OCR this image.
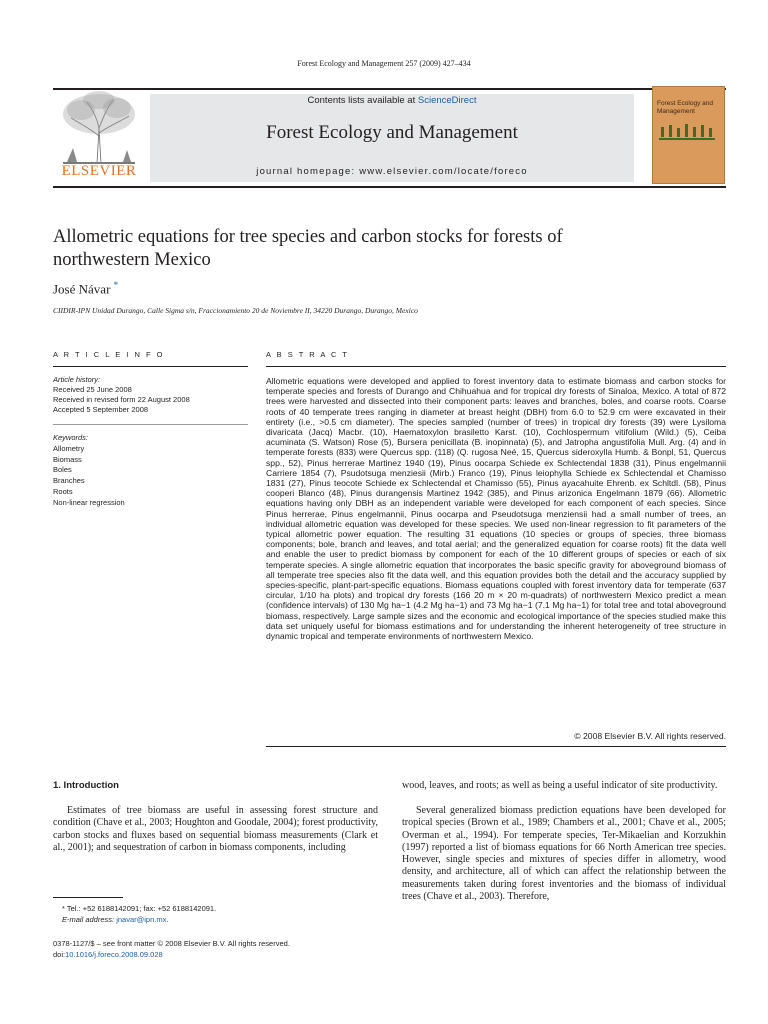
Forest Ecology and Management 257 (2009) 427–434
ELSEVIER
Contents lists available at ScienceDirect
Forest Ecology and Management
journal homepage: www.elsevier.com/locate/foreco
Forest Ecology and Management
Allometric equations for tree species and carbon stocks for forests of
northwestern Mexico
José Návar *
CIIDIR-IPN Unidad Durango, Calle Sigma s/n, Fraccionamiento 20 de Noviembre II, 34220 Durango, Durango, Mexico
A R T I C L E I N F O	A B S T R A C T
Article history:
Received 25 June 2008
Received in revised form 22 August 2008
Accepted 5 September 2008
Keywords:
Allometry
Biomass
Boles
Branches
Roots
Non-linear regression
Allometric equations were developed and applied to forest inventory data to estimate biomass and carbon stocks for temperate species and forests of Durango and Chihuahua and for tropical dry forests of Sinaloa, Mexico. A total of 872 trees were harvested and dissected into their component parts: leaves and branches, boles, and coarse roots. Coarse roots of 40 temperate trees ranging in diameter at breast height (DBH) from 6.0 to 52.9 cm were excavated in their entirety (i.e., >0.5 cm diameter). The species sampled (number of trees) in tropical dry forests (39) were Lysiloma divaricata (Jacq) Macbr. (10), Haematoxylon brasiletto Karst. (10), Cochlospermum vitifolium (Wild.) (5), Ceiba acuminata (S. Watson) Rose (5), Bursera penicillata (B. inopinnata) (5), and Jatropha angustifolia Mull. Arg. (4) and in temperate forests (833) were Quercus spp. (118) (Q. rugosa Neé, 15, Quercus sideroxylla Humb. & Bonpl, 51, Quercus spp., 52), Pinus herrerae Martinez 1940 (19), Pinus oocarpa Schiede ex Schlectendal 1838 (31), Pinus engelmannii Carriere 1854 (7), Psudotsuga menziesii (Mirb.) Franco (19), Pinus leiophylla Schiede ex Schlectendal et Chamisso 1831 (27), Pinus teocote Schiede ex Schlectendal et Chamisso (55), Pinus ayacahuite Ehrenb. ex Schltdl. (58), Pinus cooperi Blanco (48), Pinus durangensis Martinez 1942 (385), and Pinus arizonica Engelmann 1879 (66). Allometric equations having only DBH as an independent variable were developed for each component of each species. Since Pinus herrerae, Pinus engelmannii, Pinus oocarpa and Pseudotsuga menziensii had a small number of trees, an individual allometric equation was developed for these species. We used non-linear regression to fit parameters of the typical allometric power equation. The resulting 31 equations (10 species or groups of species, three biomass components; bole, branch and leaves, and total aerial; and the generalized equation for coarse roots) fit the data well and enable the user to predict biomass by component for each of the 10 different groups of species or each of six temperate species. A single allometric equation that incorporates the basic specific gravity for aboveground biomass of all temperate tree species also fit the data well, and this equation provides both the detail and the accuracy supplied by species-specific, plant-part-specific equations. Biomass equations coupled with forest inventory data for temperate (637 circular, 1/10 ha plots) and tropical dry forests (166 20 m × 20 m-quadrats) of northwestern Mexico predict a mean (confidence intervals) of 130 Mg ha−1 (4.2 Mg ha−1) and 73 Mg ha−1 (7.1 Mg ha−1) for total tree and total aboveground biomass, respectively. Large sample sizes and the economic and ecological importance of the species studied make this data set uniquely useful for biomass estimations and for understanding the inherent heterogeneity of tree structure in dynamic tropical and temperate environments of northwestern Mexico.
© 2008 Elsevier B.V. All rights reserved.
1. Introduction
Estimates of tree biomass are useful in assessing forest structure and condition (Chave et al., 2003; Houghton and Goodale, 2004); forest productivity, carbon stocks and fluxes based on sequential biomass measurements (Clark et al., 2001); and sequestration of carbon in biomass components, including
wood, leaves, and roots; as well as being a useful indicator of site productivity.
Several generalized biomass prediction equations have been developed for tropical species (Brown et al., 1989; Chambers et al., 2001; Chave et al., 2005; Overman et al., 1994). For temperate species, Ter-Mikaelian and Korzukhin (1997) reported a list of biomass equations for 66 North American tree species. However, single species and mixtures of species differ in allometry, wood density, and architecture, all of which can affect the relationship between the measurements taken during forest inventories and the biomass of individual trees (Chave et al., 2003). Therefore,
* Tel.: +52 6188142091; fax: +52 6188142091.
E-mail address: jnavar@ipn.mx.
0378-1127/$ – see front matter © 2008 Elsevier B.V. All rights reserved.
doi:10.1016/j.foreco.2008.09.028
